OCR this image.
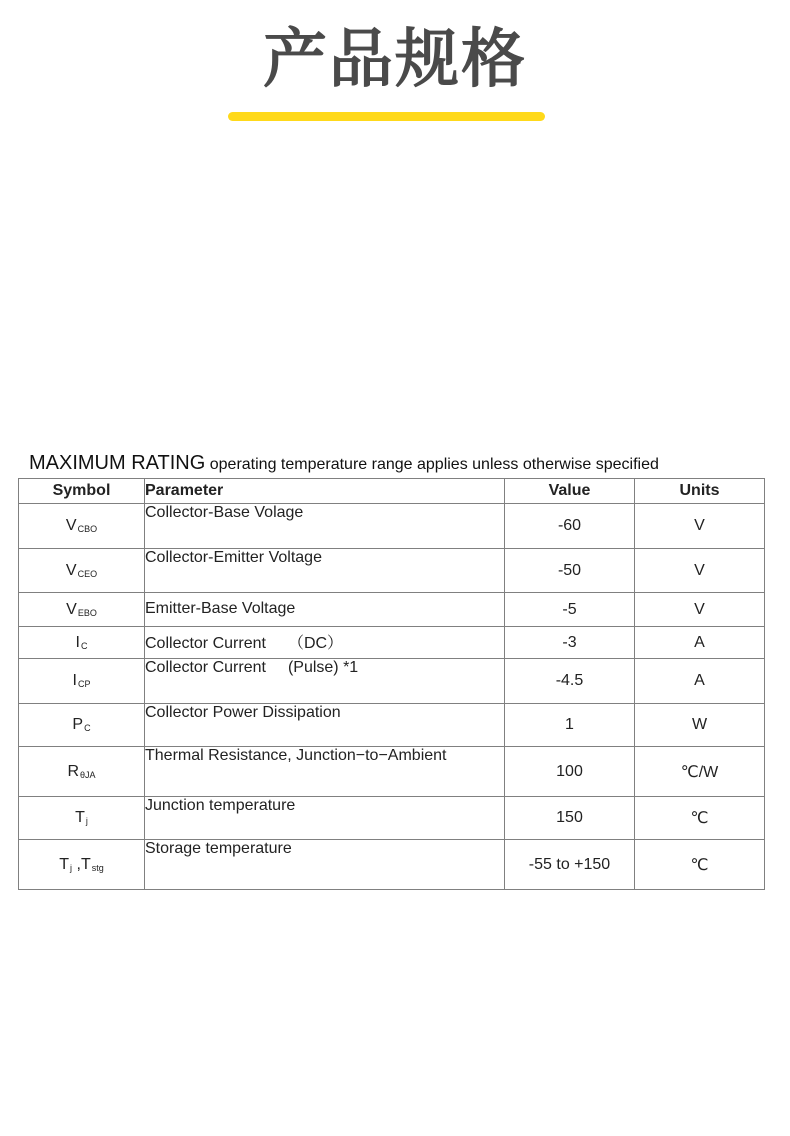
产品规格
MAXIMUM RATING operating temperature range applies unless otherwise specified
Symbol	Parameter	Value	Units
$V_{CBO}$	Collector-Base Volage	-60	V
$V_{CEO}$	Collector-Emitter Voltage	-50	V
$V_{EBO}$	Emitter-Base Voltage	-5	V
$I_C$	Collector Current （DC）	-3	A
$I_{CP}$	Collector Current (Pulse) *1	-4.5	A
$P_C$	Collector Power Dissipation	1	W
$R_{\theta JA}$	Thermal Resistance, Junction−to−Ambient	100	℃/W
$T_j$	Junction temperature	150	℃
$T_j$ $,T_{stg}$	Storage temperature	-55 to +150	℃
